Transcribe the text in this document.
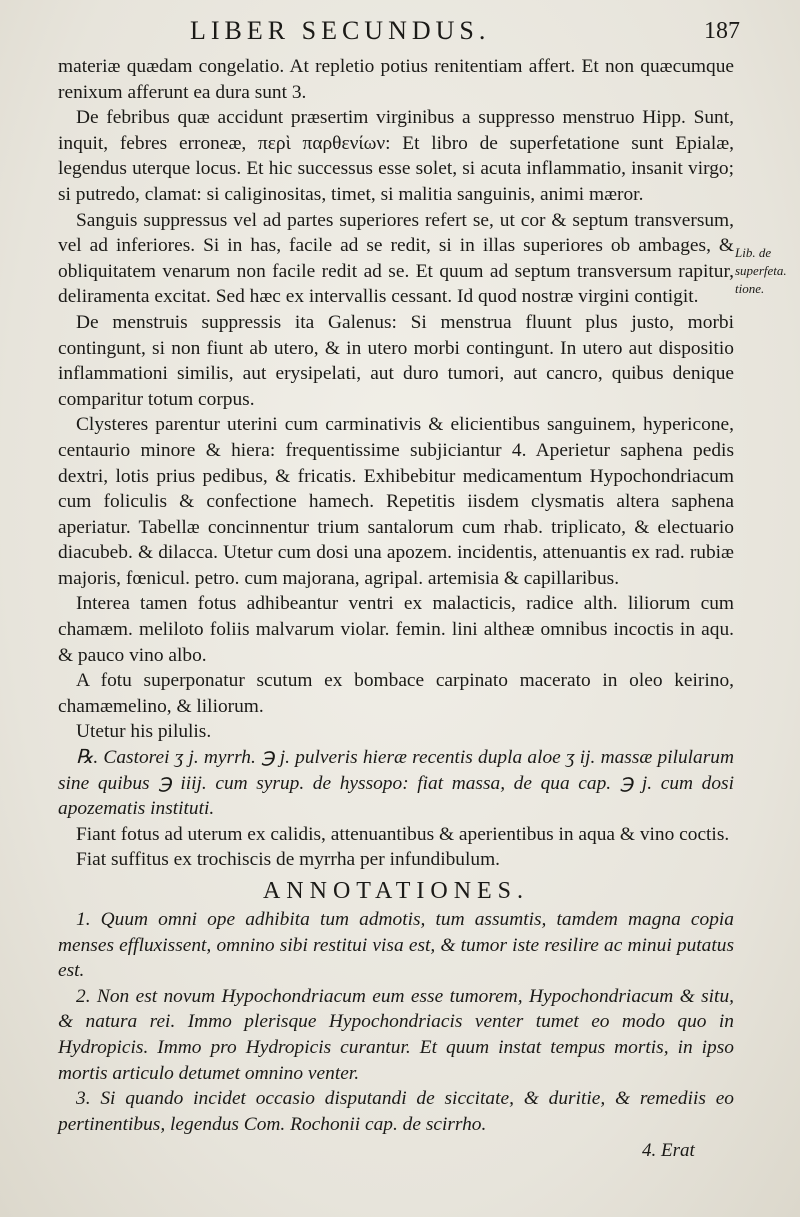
LIBER SECUNDUS.	187
Lib. de
superfeta.
tione.

materiæ quædam congelatio. At repletio potius renitentiam affert. Et non quæcumque renixum afferunt ea dura sunt 3.

De febribus quæ accidunt præsertim virginibus a suppresso menstruo Hipp. Sunt, inquit, febres erroneæ, περὶ παρθενίων: Et libro de superfetatione sunt Epialæ, legendus uterque locus. Et hic successus esse solet, si acuta inflammatio, insanit virgo; si putredo, clamat: si caliginositas, timet, si malitia sanguinis, animi mæror.

Sanguis suppressus vel ad partes superiores refert se, ut cor & septum transversum, vel ad inferiores. Si in has, facile ad se redit, si in illas superiores ob ambages, & obliquitatem venarum non facile redit ad se. Et quum ad septum transversum rapitur, deliramenta excitat. Sed hæc ex intervallis cessant. Id quod nostræ virgini contigit.

De menstruis suppressis ita Galenus: Si menstrua fluunt plus justo, morbi contingunt, si non fiunt ab utero, & in utero morbi contingunt. In utero aut dispositio inflammationi similis, aut erysipelati, aut duro tumori, aut cancro, quibus denique comparitur totum corpus.

Clysteres parentur uterini cum carminativis & elicientibus sanguinem, hypericone, centaurio minore & hiera: frequentissime subjiciantur 4. Aperietur saphena pedis dextri, lotis prius pedibus, & fricatis. Exhibebitur medicamentum Hypochondriacum cum foliculis & confectione hamech. Repetitis iisdem clysmatis altera saphena aperiatur. Tabellæ concinnentur trium santalorum cum rhab. triplicato, & electuario diacubeb. & dilacca. Utetur cum dosi una apozem. incidentis, attenuantis ex rad. rubiæ majoris, fœnicul. petro. cum majorana, agripal. artemisia & capillaribus.

Interea tamen fotus adhibeantur ventri ex malacticis, radice alth. liliorum cum chamæm. meliloto foliis malvarum violar. femin. lini altheæ omnibus incoctis in aqu. & pauco vino albo.

A fotu superponatur scutum ex bombace carpinato macerato in oleo keirino, chamæmelino, & liliorum.

Utetur his pilulis.

℞. Castorei ʒ j. myrrh. ℈ j. pulveris hieræ recentis dupla aloe ʒ ij. massæ pilularum sine quibus ℈ iiij. cum syrup. de hyssopo: fiat massa, de qua cap. ℈ j. cum dosi apozematis instituti.

Fiant fotus ad uterum ex calidis, attenuantibus & aperientibus in aqua & vino coctis.

Fiat suffitus ex trochiscis de myrrha per infundibulum.

ANNOTATIONES.

1. Quum omni ope adhibita tum admotis, tum assumtis, tamdem magna copia menses effluxissent, omnino sibi restitui visa est, & tumor iste resilire ac minui putatus est.

2. Non est novum Hypochondriacum eum esse tumorem, Hypochondriacum & situ, & natura rei. Immo plerisque Hypochondriacis venter tumet eo modo quo in Hydropicis. Immo pro Hydropicis curantur. Et quum instat tempus mortis, in ipso mortis articulo detumet omnino venter.

3. Si quando incidet occasio disputandi de siccitate, & duritie, & remediis eo pertinentibus, legendus Com. Rochonii cap. de scirrho.

4. Erat
